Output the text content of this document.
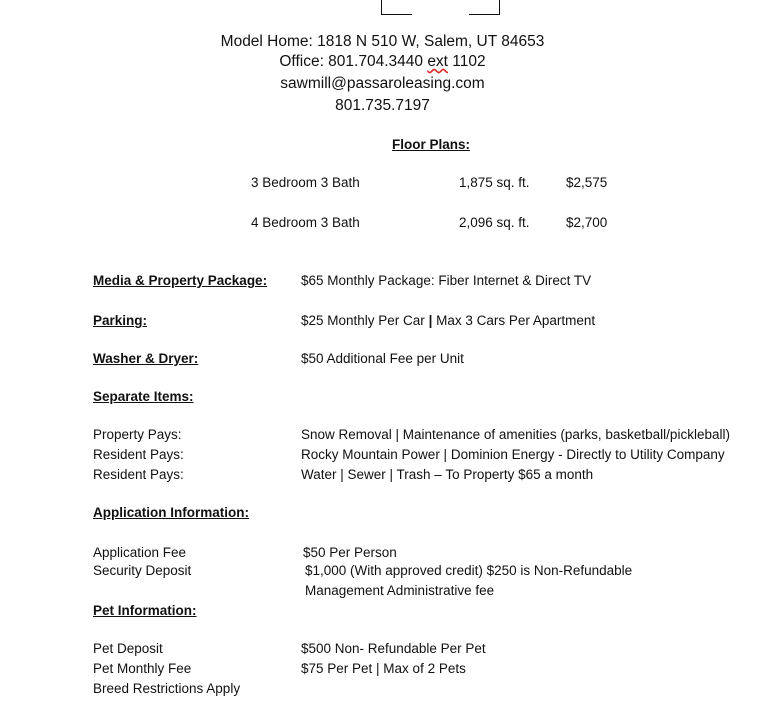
Model Home: 1818 N 510 W, Salem, UT 84653
Office: 801.704.3440 ext 1102
sawmill@passaroleasing.com
801.735.7197
Floor Plans:
3 Bedroom 3 Bath	1,875 sq. ft.	$2,575
4 Bedroom 3 Bath	2,096 sq. ft.	$2,700
Media & Property Package:	$65 Monthly Package: Fiber Internet & Direct TV
Parking:	$25 Monthly Per Car | Max 3 Cars Per Apartment
Washer & Dryer:	$50 Additional Fee per Unit
Separate Items:
Property Pays:	Snow Removal | Maintenance of amenities (parks, basketball/pickleball)
Resident Pays:	Rocky Mountain Power | Dominion Energy - Directly to Utility Company
Resident Pays:	Water | Sewer | Trash – To Property $65 a month
Application Information:
Application Fee	$50 Per Person
Security Deposit	$1,000 (With approved credit) $250 is Non-Refundable
Management Administrative fee
Pet Information:
Pet Deposit	$500 Non- Refundable Per Pet
Pet Monthly Fee	$75 Per Pet | Max of 2 Pets
Breed Restrictions Apply
